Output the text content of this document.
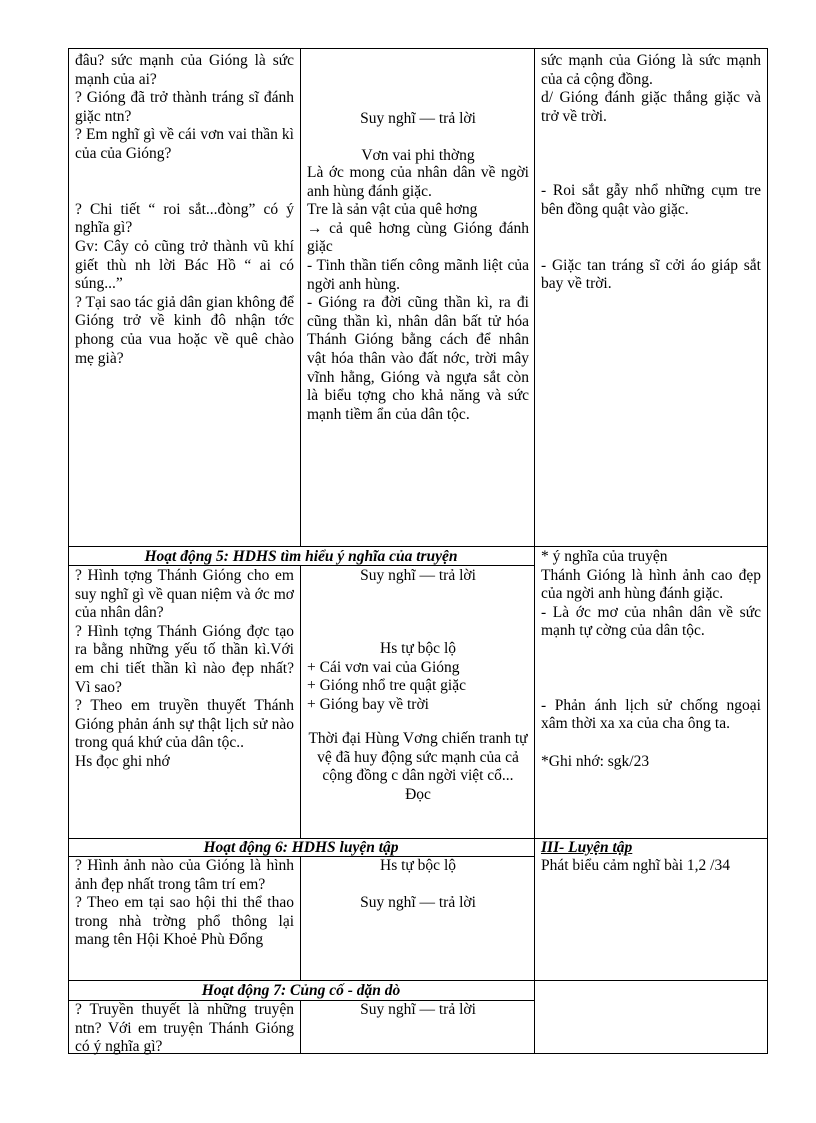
đâu? sức mạnh của Gióng là sức mạnh của ai?

? Gióng đã trở thành tráng sĩ đánh giặc ntn?

? Em nghĩ gì về cái vơn vai thần kì của của Gióng?

? Chi tiết “ roi sắt...đòng” có ý nghĩa gì?

Gv: Cây cỏ cũng trở thành vũ khí giết thù nh lời Bác Hồ “ ai có súng...”

? Tại sao tác giả dân gian không để Gióng trở về kinh đô nhận tớc phong của vua hoặc về quê chào mẹ già?

Suy nghĩ — trả lời

Vơn vai phi thờng

Là ớc mong của nhân dân về ngời anh hùng đánh giặc.

Tre là sản vật của quê hơng

→ cả quê hơng cùng Gióng đánh giặc

- Tinh thần tiến công mãnh liệt của ngời anh hùng.

- Gióng ra đời cũng thần kì, ra đi cũng thần kì, nhân dân bất tử hóa Thánh Gióng bằng cách để nhân vật hóa thân vào đất nớc, trời mây vĩnh hằng, Gióng và ngựa sắt còn là biểu tợng cho khả năng và sức mạnh tiềm ẩn của dân tộc.

sức mạnh của Gióng là sức mạnh của cả cộng đồng.

d/ Gióng đánh giặc thắng giặc và trở về trời.

- Roi sắt gẫy nhổ những cụm tre bên đồng quật vào giặc.

- Giặc tan tráng sĩ cởi áo giáp sắt bay về trời.

Hoạt động 5: HDHS tìm hiểu ý nghĩa của truyện

? Hình tợng Thánh Gióng cho em suy nghĩ gì về quan niệm và ớc mơ của nhân dân?

? Hình tợng Thánh Gióng đợc tạo ra bằng những yếu tố thần kì.Với em chi tiết thần kì nào đẹp nhất? Vì sao?

? Theo em truyền thuyết Thánh Gióng phản ánh sự thật lịch sử nào trong quá khứ của dân tộc..

Hs đọc ghi nhớ

Suy nghĩ — trả lời

Hs tự bộc lộ

+ Cái vơn vai của Gióng

+ Gióng nhổ tre quật giặc

+ Gióng bay về trời

Thời đại Hùng Vơng chiến tranh tự vệ đã huy động sức mạnh của cả cộng đồng c dân ngời việt cổ...

Đọc

* ý nghĩa của truyện

Thánh Gióng là hình ảnh cao đẹp của ngời anh hùng đánh giặc.

- Là ớc mơ của nhân dân về sức mạnh tự cờng của dân tộc.

- Phản ánh lịch sử chống ngoại xâm thời xa xa của cha ông ta.

*Ghi nhớ: sgk/23

Hoạt động 6: HDHS luyện tập

? Hình ảnh nào của Gióng là hình ảnh đẹp nhất trong tâm trí em?

? Theo em tại sao hội thi thể thao trong nhà trờng phổ thông lại mang tên Hội Khoẻ Phù Đổng

Hs tự bộc lộ

Suy nghĩ — trả lời

III- Luyện tập

Phát biểu cảm nghĩ bài 1,2 /34

Hoạt động 7: Củng cố - dặn dò

? Truyền thuyết là những truyện ntn? Với em truyện Thánh Gióng có ý nghĩa gì?

Suy nghĩ — trả lời
